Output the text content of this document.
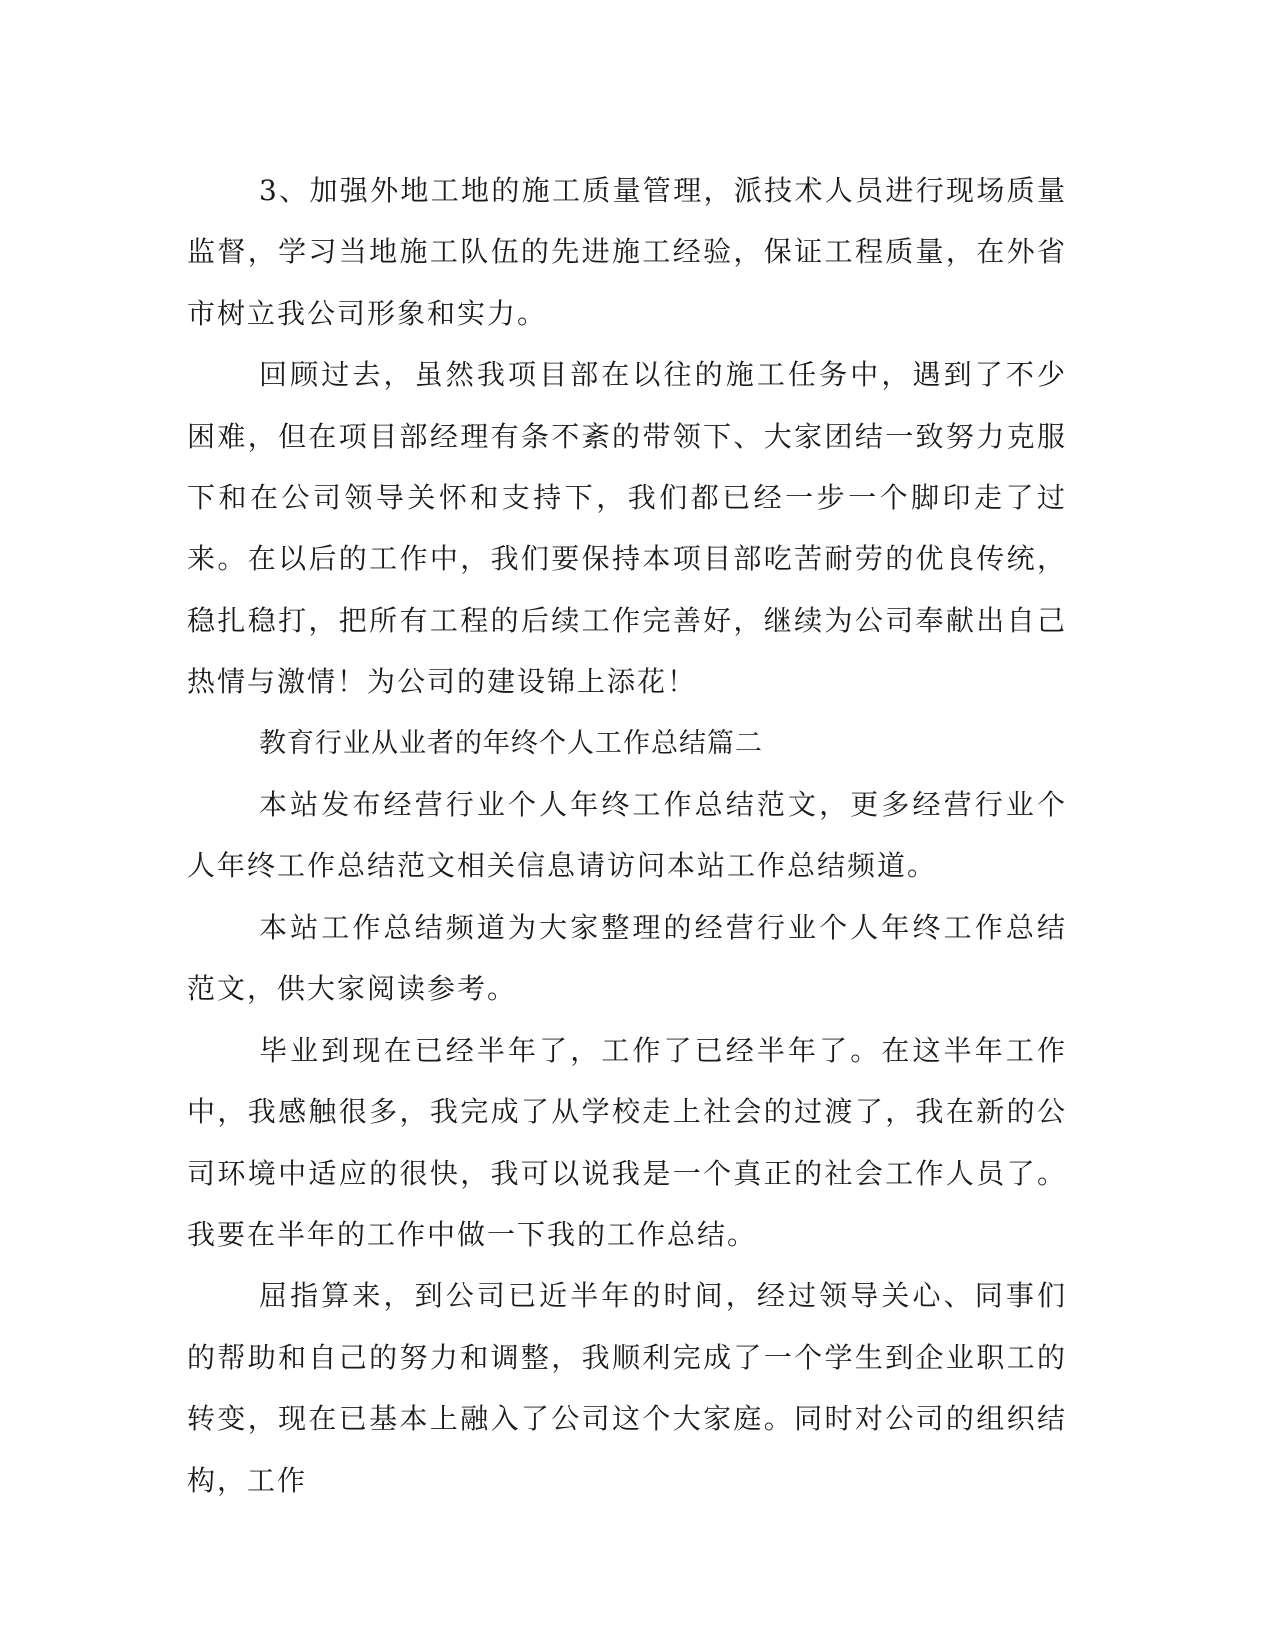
3、加强外地工地的施工质量管理，派技术人员进行现场质量监督，学习当地施工队伍的先进施工经验，保证工程质量，在外省市树立我公司形象和实力。

回顾过去，虽然我项目部在以往的施工任务中，遇到了不少困难，但在项目部经理有条不紊的带领下、大家团结一致努力克服下和在公司领导关怀和支持下，我们都已经一步一个脚印走了过来。在以后的工作中，我们要保持本项目部吃苦耐劳的优良传统，稳扎稳打，把所有工程的后续工作完善好，继续为公司奉献出自己热情与激情！为公司的建设锦上添花！

教育行业从业者的年终个人工作总结篇二

本站发布经营行业个人年终工作总结范文，更多经营行业个人年终工作总结范文相关信息请访问本站工作总结频道。

本站工作总结频道为大家整理的经营行业个人年终工作总结范文，供大家阅读参考。

毕业到现在已经半年了，工作了已经半年了。在这半年工作中，我感触很多，我完成了从学校走上社会的过渡了，我在新的公司环境中适应的很快，我可以说我是一个真正的社会工作人员了。我要在半年的工作中做一下我的工作总结。

屈指算来，到公司已近半年的时间，经过领导关心、同事们的帮助和自己的努力和调整，我顺利完成了一个学生到企业职工的转变，现在已基本上融入了公司这个大家庭。同时对公司的组织结构，工作
